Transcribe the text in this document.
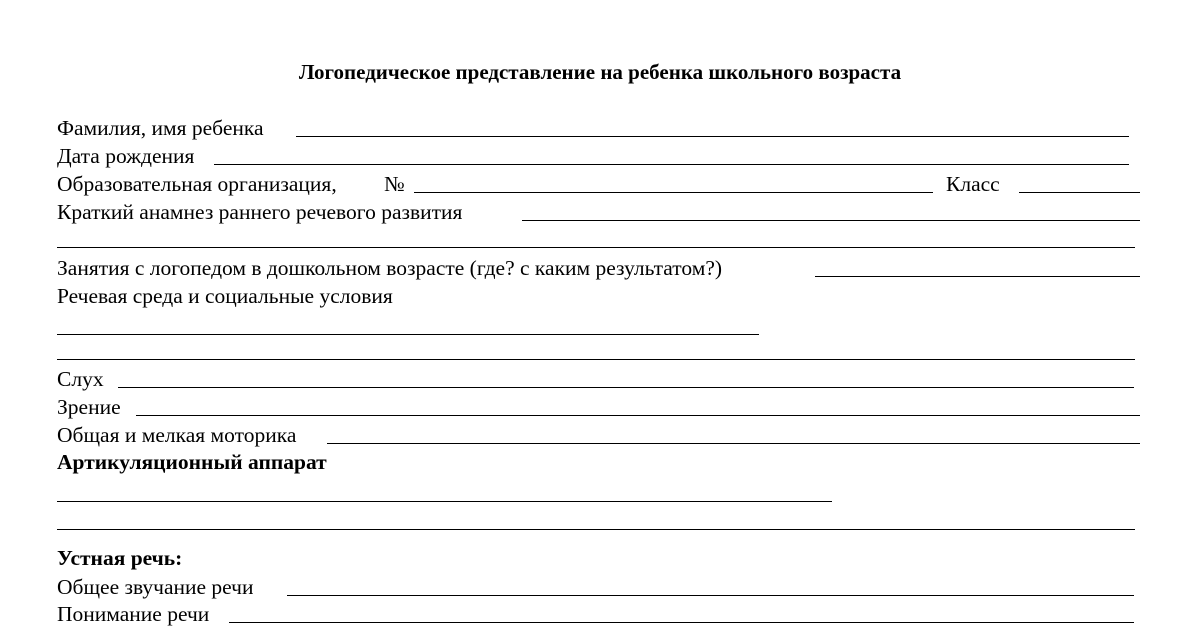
Логопедическое представление на ребенка школьного возраста
Фамилия, имя ребенка
Дата рождения
Образовательная организация, №	Класс
Краткий анамнез раннего речевого развития
Занятия с логопедом в дошкольном возрасте (где? с каким результатом?)
Речевая среда и социальные условия
Слух
Зрение
Общая и мелкая моторика
Артикуляционный аппарат
Устная речь:
Общее звучание речи
Понимание речи
